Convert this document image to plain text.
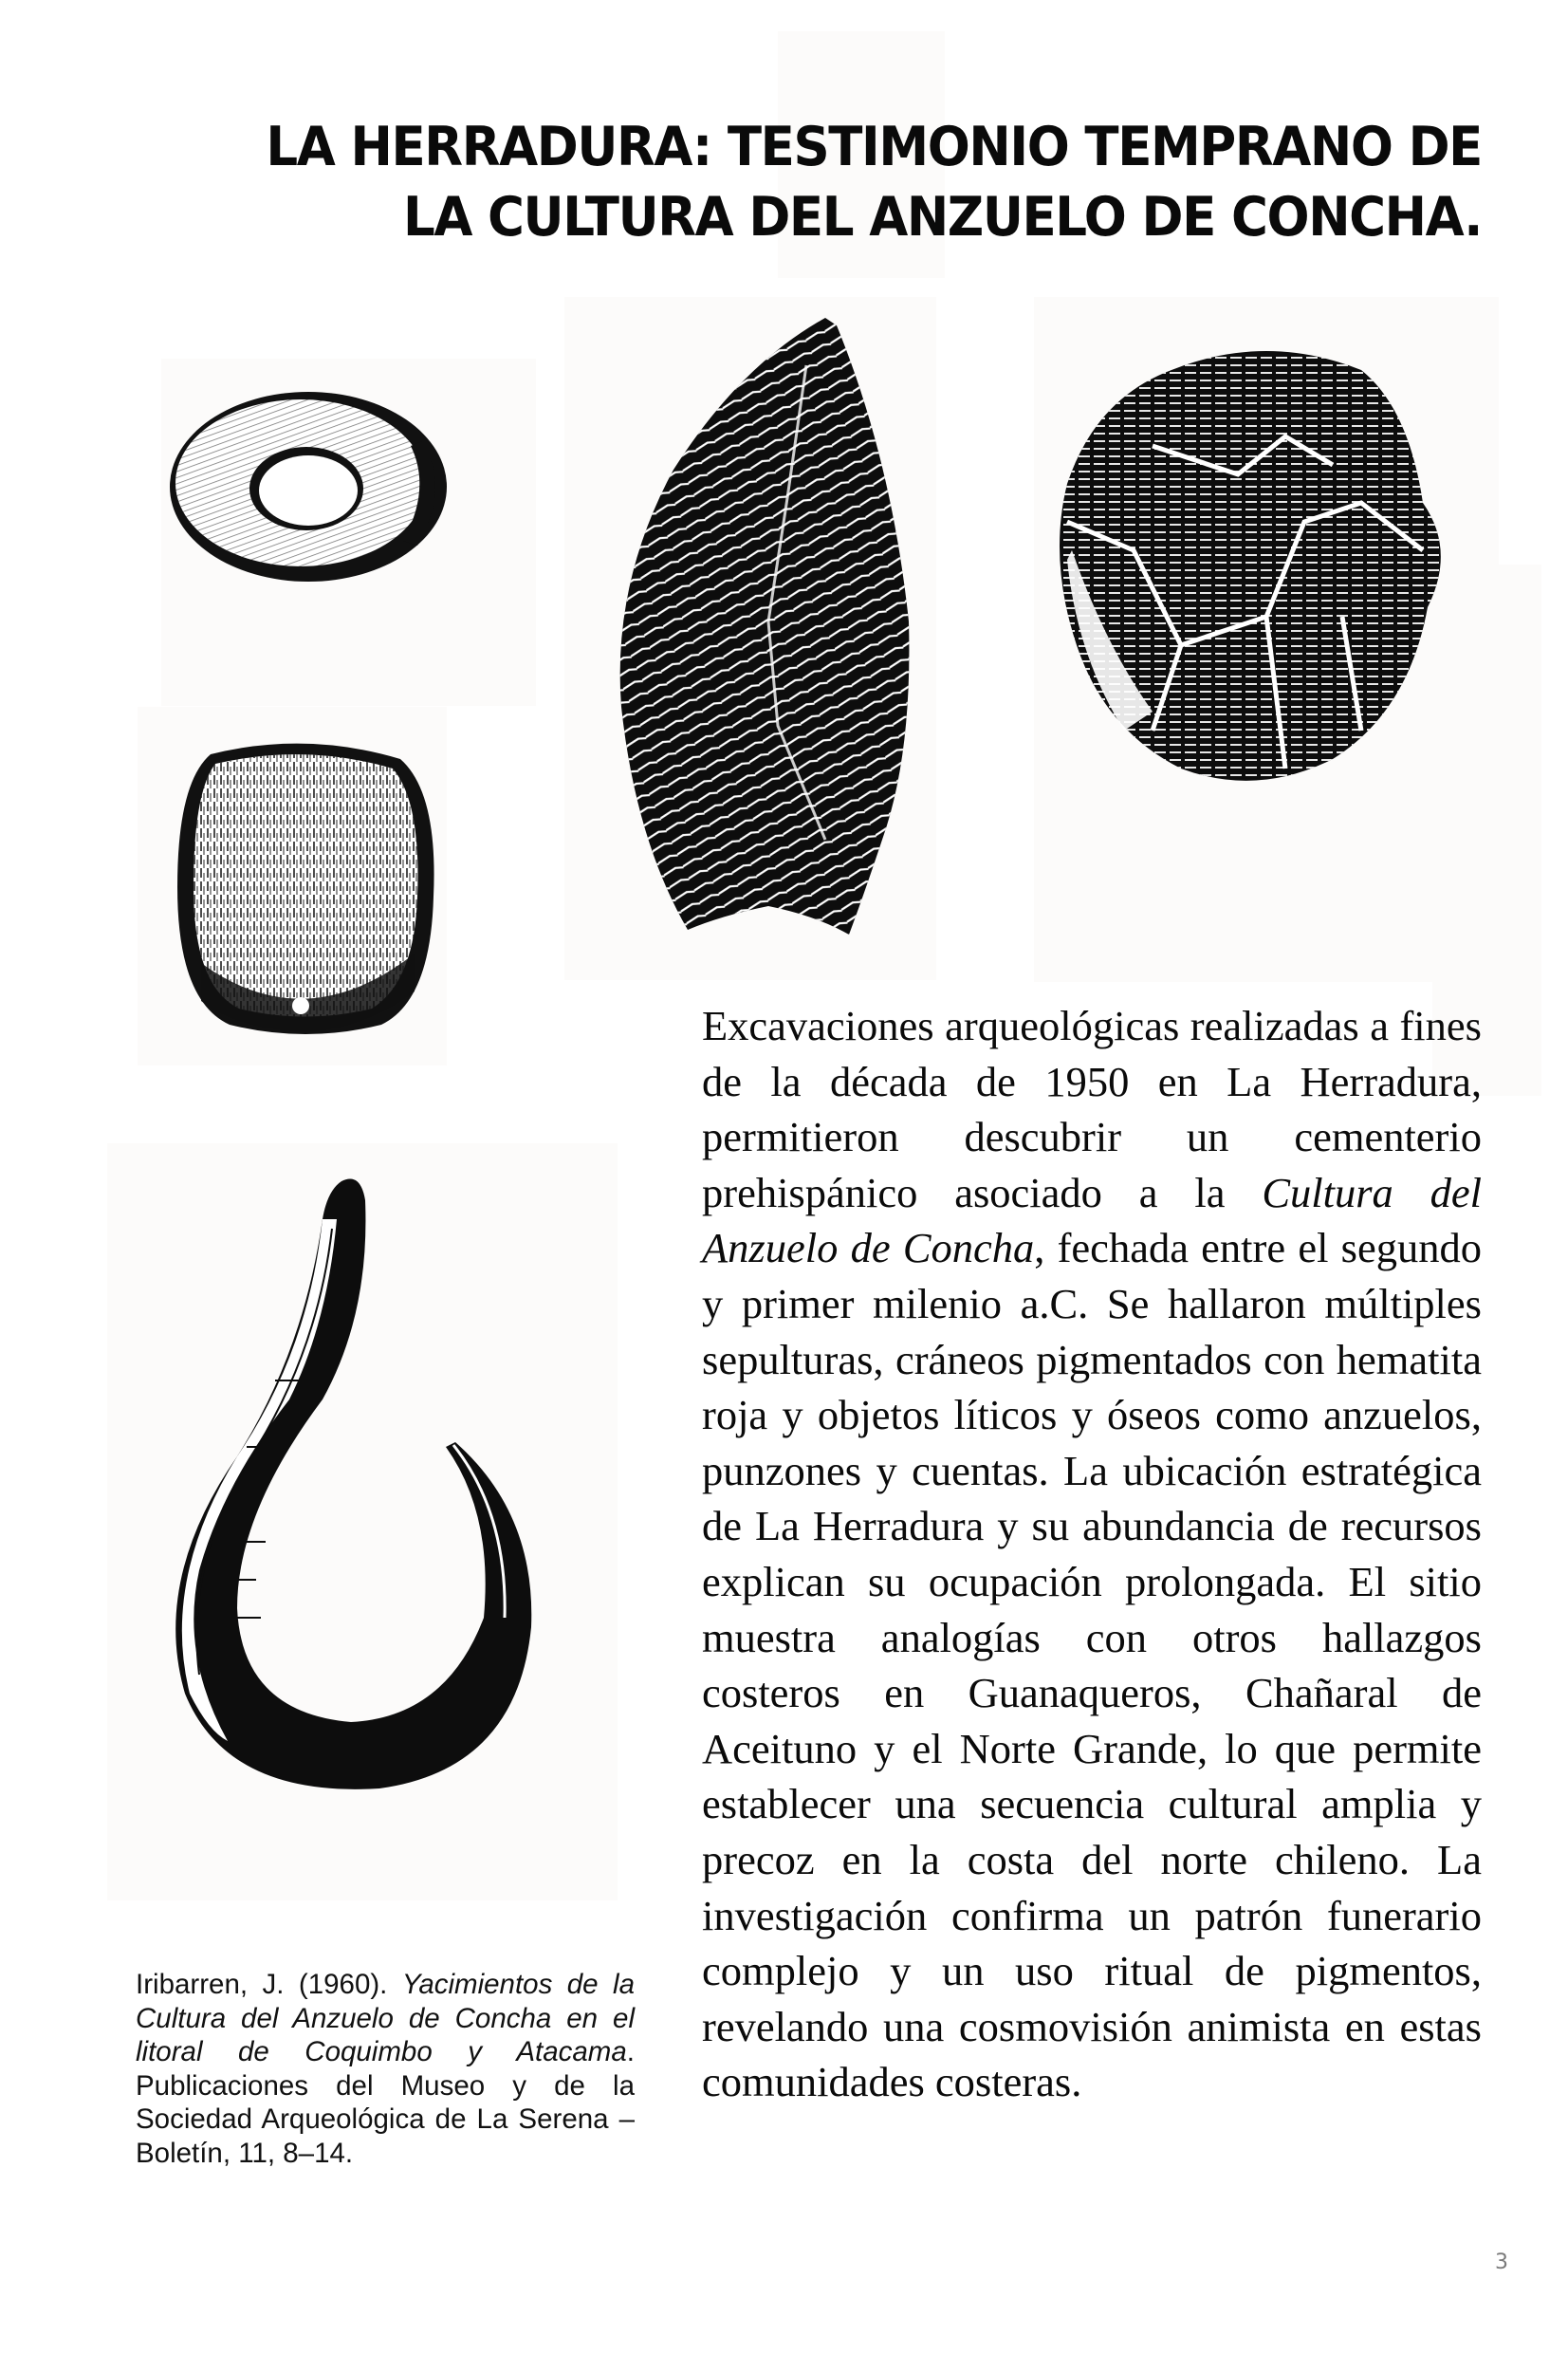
LA HERRADURA: TESTIMONIO TEMPRANO DE
LA CULTURA DEL ANZUELO DE CONCHA.

Excavaciones arqueológicas realizadas a fines de la década de 1950 en La Herradura, permitieron descubrir un cementerio prehispánico asociado a la Cultura del Anzuelo de Concha, fechada entre el segundo y primer milenio a.C. Se hallaron múltiples sepulturas, cráneos pigmentados con hematita roja y objetos líticos y óseos como anzuelos, punzones y cuentas. La ubicación estratégica de La Herradura y su abundancia de recursos explican su ocupación prolongada. El sitio muestra analogías con otros hallazgos costeros en Guanaqueros, Chañaral de Aceituno y el Norte Grande, lo que permite establecer una secuencia cultural amplia y precoz en la costa del norte chileno. La investigación confirma un patrón funerario complejo y un uso ritual de pigmentos, revelando una cosmovisión animista en estas comunidades costeras.

Iribarren, J. (1960). Yacimientos de la Cultura del Anzuelo de Concha en el litoral de Coquimbo y Atacama. Publicaciones del Museo y de la Sociedad Arqueológica de La Serena – Boletín, 11, 8–14.

3
